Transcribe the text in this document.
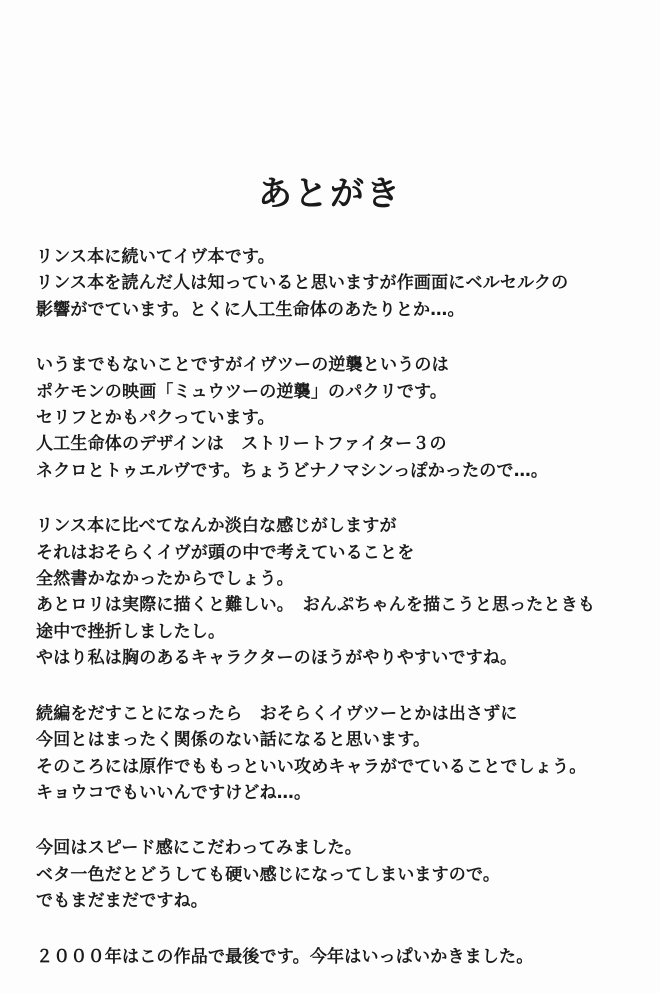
あとがき
リンス本に続いてイヴ本です。
リンス本を読んだ人は知っていると思いますが作画面にベルセルクの
影響がでています。とくに人工生命体のあたりとか…。
いうまでもないことですがイヴツーの逆襲というのは
ポケモンの映画「ミュウツーの逆襲」のパクリです。
セリフとかもパクっています。
人工生命体のデザインは　ストリートファイター３の
ネクロとトゥエルヴです。ちょうどナノマシンっぽかったので…。
リンス本に比べてなんか淡白な感じがしますが
それはおそらくイヴが頭の中で考えていることを
全然書かなかったからでしょう。
あとロリは実際に描くと難しい。　おんぷちゃんを描こうと思ったときも
途中で挫折しましたし。
やはり私は胸のあるキャラクターのほうがやりやすいですね。
続編をだすことになったら　おそらくイヴツーとかは出さずに
今回とはまったく関係のない話になると思います。
そのころには原作でももっといい攻めキャラがでていることでしょう。
キョウコでもいいんですけどね…。
今回はスピード感にこだわってみました。
ベタ一色だとどうしても硬い感じになってしまいますので。
でもまだまだですね。
２０００年はこの作品で最後です。今年はいっぱいかきました。
